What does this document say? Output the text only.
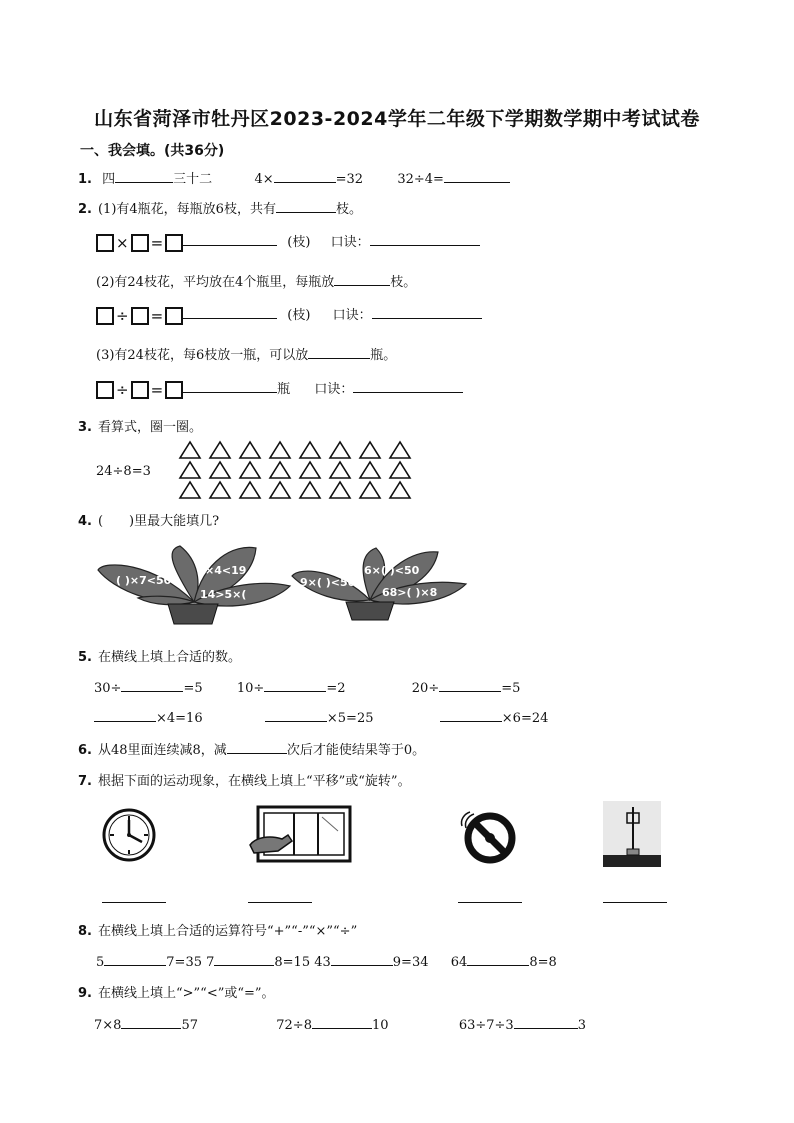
山东省菏泽市牡丹区2023-2024学年二年级下学期数学期中考试试卷
一、我会填。(共36分)
1. 四	三十二	4×	=32	32÷4=
2. (1)有4瓶花，每瓶放6枝，共有	枝。
× =	(枝) 口诀：
(2)有24枝花，平均放在4个瓶里，每瓶放	枝。
÷ =	(枝) 口诀：
(3)有24枝花，每6枝放一瓶，可以放	瓶。
÷ =	瓶 口诀：
3. 看算式，圈一圈。
24÷8=3
4. (　　)里最大能填几?
( )×7<50
)×4<19
14>5×(
9×( )<50
6×( )<50
68>( )×8
5. 在横线上填上合适的数。
30÷	=5	10÷	=2	20÷	=5
×4=16	×5=25	×6=24
6. 从48里面连续减8，减	次后才能使结果等于0。
7. 根据下面的运动现象，在横线上填上“平移”或“旋转”。
8. 在横线上填上合适的运算符号“+”“-”“×”“÷”
5	7=35 7	8=15 43	9=34 64	8=8
9. 在横线上填上“>”“<”或“=”。
7×8	57	72÷8	10	63÷7÷3	3
